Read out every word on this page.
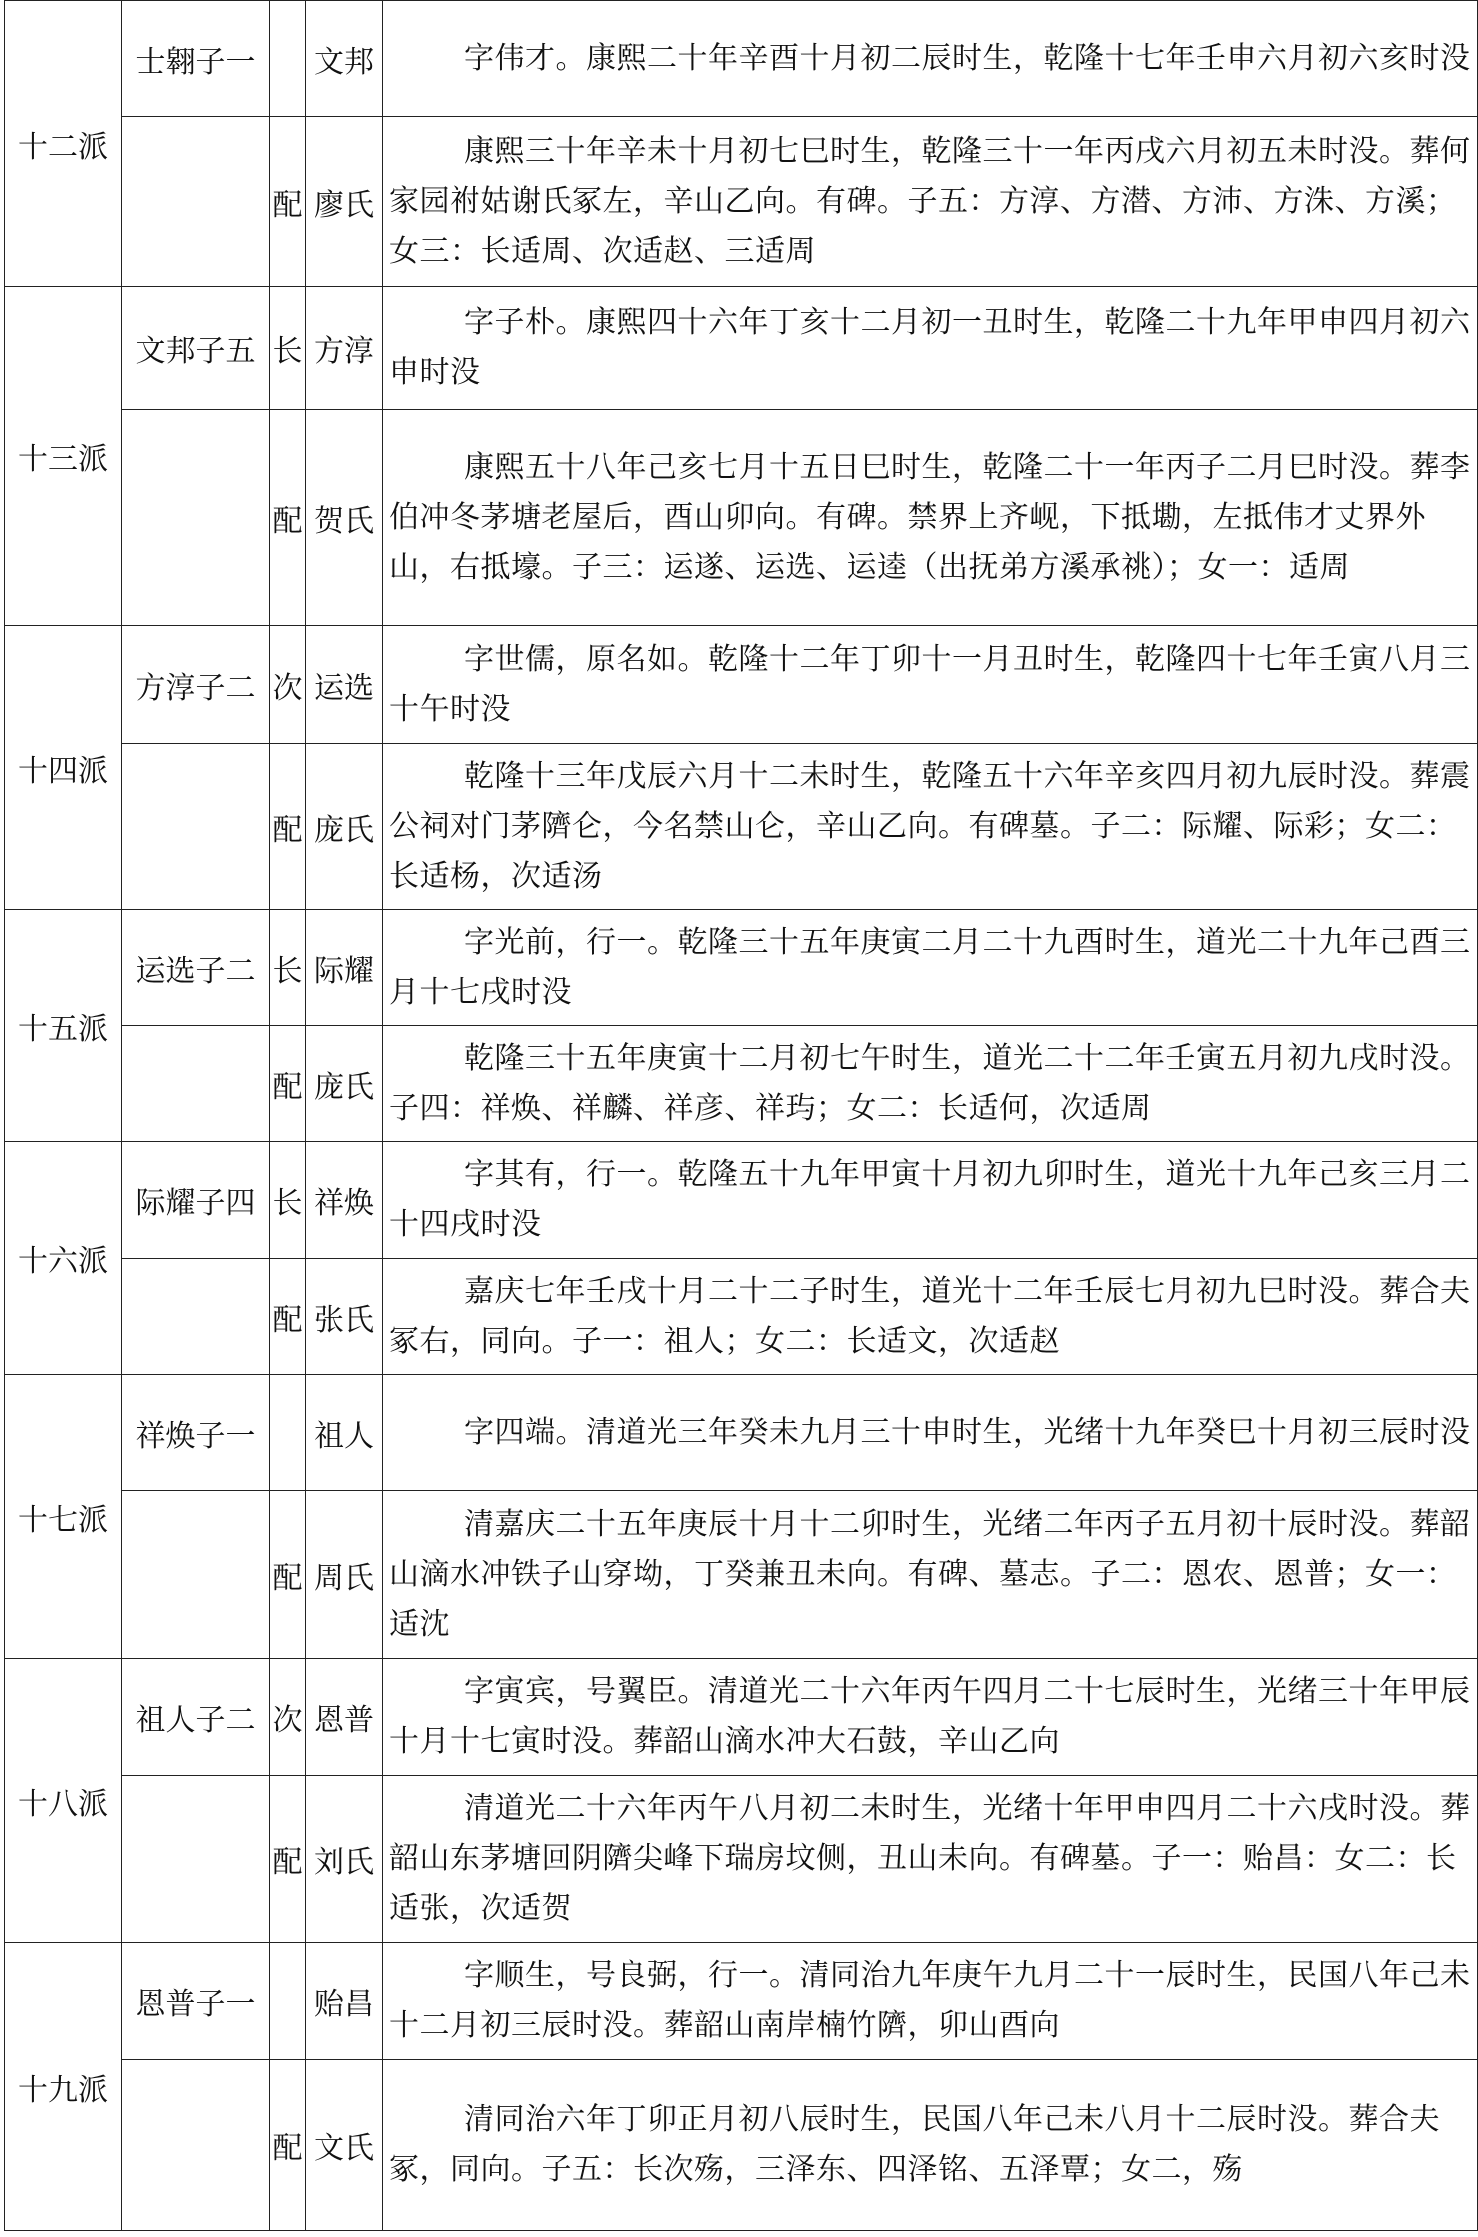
十二派	士翱子一		文邦	字伟才。康熙二十年辛酉十月初二辰时生，乾隆十七年壬申六月初六亥时没
		配	廖氏	康熙三十年辛未十月初七巳时生，乾隆三十一年丙戌六月初五未时没。葬何家园祔姑谢氏冢左，辛山乙向。有碑。子五：方淳、方潜、方沛、方洙、方溪；女三：长适周、次适赵、三适周
十三派	文邦子五	长	方淳	字子朴。康熙四十六年丁亥十二月初一丑时生，乾隆二十九年甲申四月初六申时没
		配	贺氏	康熙五十八年己亥七月十五日巳时生，乾隆二十一年丙子二月巳时没。葬李伯冲冬茅塘老屋后，酉山卯向。有碑。禁界上齐岘，下抵墈，左抵伟才丈界外山，右抵壕。子三：运遂、运选、运逵（出抚弟方溪承祧）；女一：适周
十四派	方淳子二	次	运选	字世儒，原名如。乾隆十二年丁卯十一月丑时生，乾隆四十七年壬寅八月三十午时没
		配	庞氏	乾隆十三年戊辰六月十二未时生，乾隆五十六年辛亥四月初九辰时没。葬震公祠对门茅隮仑，今名禁山仑，辛山乙向。有碑墓。子二：际耀、际彩；女二：长适杨，次适汤
十五派	运选子二	长	际耀	字光前，行一。乾隆三十五年庚寅二月二十九酉时生，道光二十九年己酉三月十七戌时没
		配	庞氏	乾隆三十五年庚寅十二月初七午时生，道光二十二年壬寅五月初九戌时没。子四：祥焕、祥麟、祥彦、祥玙；女二：长适何，次适周
十六派	际耀子四	长	祥焕	字其有，行一。乾隆五十九年甲寅十月初九卯时生，道光十九年己亥三月二十四戌时没
		配	张氏	嘉庆七年壬戌十月二十二子时生，道光十二年壬辰七月初九巳时没。葬合夫冢右，同向。子一：祖人；女二：长适文，次适赵
十七派	祥焕子一		祖人	字四端。清道光三年癸未九月三十申时生，光绪十九年癸巳十月初三辰时没
		配	周氏	清嘉庆二十五年庚辰十月十二卯时生，光绪二年丙子五月初十辰时没。葬韶山滴水冲铁子山穿坳，丁癸兼丑未向。有碑、墓志。子二：恩农、恩普；女一：适沈
十八派	祖人子二	次	恩普	字寅宾，号翼臣。清道光二十六年丙午四月二十七辰时生，光绪三十年甲辰十月十七寅时没。葬韶山滴水冲大石鼓，辛山乙向
		配	刘氏	清道光二十六年丙午八月初二未时生，光绪十年甲申四月二十六戌时没。葬韶山东茅塘回阴隮尖峰下瑞房坟侧，丑山未向。有碑墓。子一：贻昌：女二：长适张，次适贺
十九派	恩普子一		贻昌	字顺生，号良弼，行一。清同治九年庚午九月二十一辰时生，民国八年己未十二月初三辰时没。葬韶山南岸楠竹隮，卯山酉向
		配	文氏	清同治六年丁卯正月初八辰时生，民国八年己未八月十二辰时没。葬合夫冢，同向。子五：长次殇，三泽东、四泽铭、五泽覃；女二，殇
